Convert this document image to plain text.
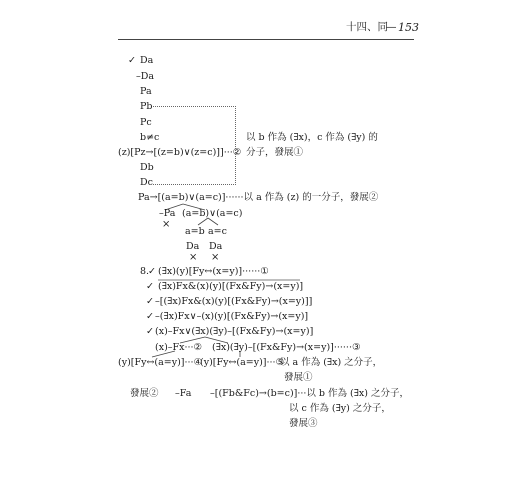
十四、同
— 153
✓ Da
–Da
Pa
Pb
Pc
b≠c
(z)[Pz→[(z=b)∨(z=c)]]···②
Db
Dc
以 b 作為 (∃x)，c 作為 (∃y) 的
分子，發展①
Pa→[(a=b)∨(a=c)]······以 a 作為 (z) 的一分子，發展②
–Pa (a=b)∨(a=c)
×
a=b a=c
Da Da
× ×
8.
✓ (∃x)(y)[Fy↔(x=y)]······①
✓ (∃x)Fx&(x)(y)[(Fx&Fy)→(x=y)]
✓ –[(∃x)Fx&(x)(y)[(Fx&Fy)→(x=y)]]
✓ –(∃x)Fx∨–(x)(y)[(Fx&Fy)→(x=y)]
✓ (x)–Fx∨(∃x)(∃y)–[(Fx&Fy)→(x=y)]
(x)–Fx···② (∃x)(∃y)–[(Fx&Fy)→(x=y)]······③
(y)[Fy↔(a=y)]···④
(y)[Fy↔(a=y)]···⑤
以 a 作為 (∃x) 之分子，
發展①
發展② –Fa –[(Fb&Fc)→(b=c)]···以 b 作為 (∃x) 之分子，
以 c 作為 (∃y) 之分子，
發展③
